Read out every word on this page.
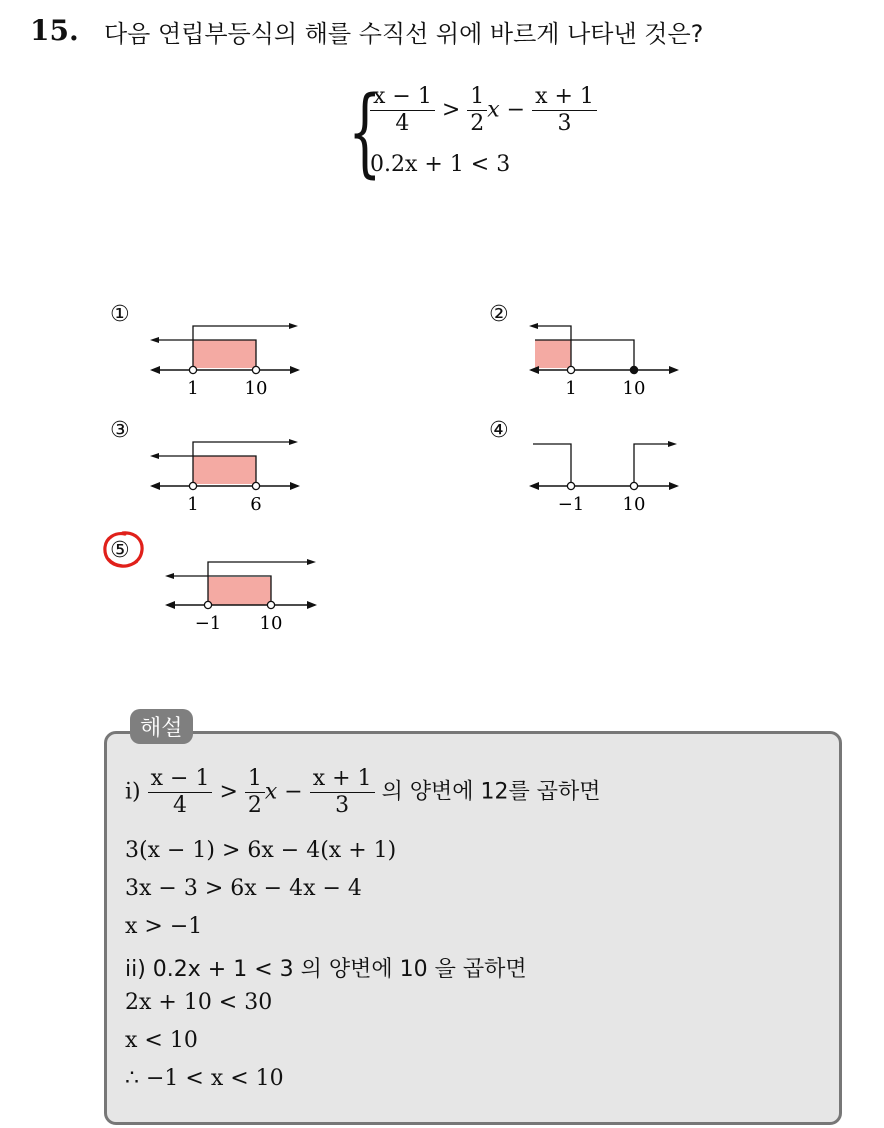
15. 다음 연립부등식의 해를 수직선 위에 바르게 나타낸 것은?
{
$\frac{x - 1}{4} > \frac{1}{2}$ $x - \frac{x + 1}{3}$
0.2x + 1 < 3
①	②
③	④
⑤
1	10	1	10
1	6	−1 10
−1 10
해설
$i) \frac{x - 1}{4} > \frac{1}{2}$ $x - \frac{x + 1}{3}$ 의 양변에 12를 곱하면
3(x − 1) > 6x − 4(x + 1)
3x − 3 > 6x − 4x − 4
x > −1
ii) 0.2x + 1 < 3 의 양변에 10 을 곱하면
2x + 10 < 30
x < 10
∴ −1 < x < 10
